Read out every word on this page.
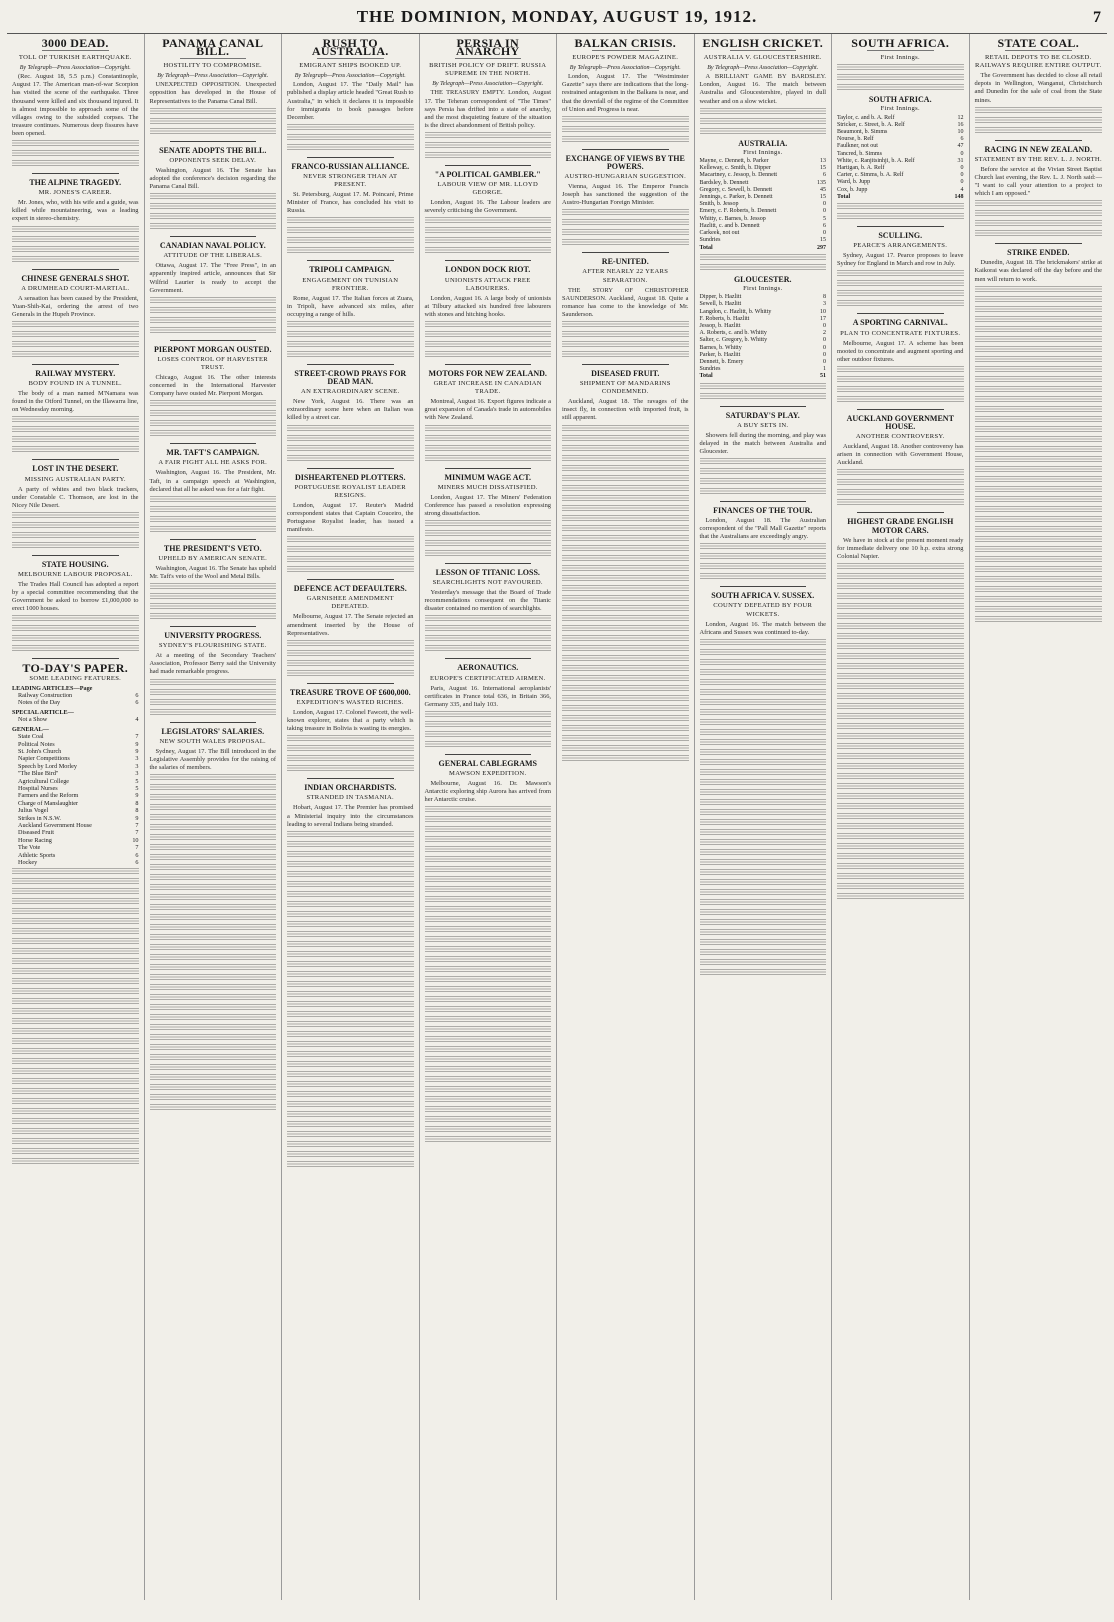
THE DOMINION, MONDAY, AUGUST 19, 1912.	7
3000 DEAD.
TOLL OF TURKISH EARTHQUAKE.
By Telegraph—Press Association—Copyright.
(Rec. August 18, 5.5 p.m.) Constantinople, August 17. The American man-of-war Scorpion has visited the scene of the earthquake. Three thousand were killed and six thousand injured. It is almost impossible to approach some of the villages owing to the subsided corpses. The treasure continues. Numerous deep fissures have been opened.
THE ALPINE TRAGEDY.
MR. JONES'S CAREER.
Mr. Jones, who, with his wife and a guide, was killed while mountaineering, was a leading expert in stereo-chemistry.
CHINESE GENERALS SHOT.
A DRUMHEAD COURT-MARTIAL.
A sensation has been caused by the President, Yuan-Shih-Kai, ordering the arrest of two Generals in the Hupeh Province.
RAILWAY MYSTERY.
BODY FOUND IN A TUNNEL.
The body of a man named M'Namara was found in the Otford Tunnel, on the Illawarra line, on Wednesday morning.
LOST IN THE DESERT.
MISSING AUSTRALIAN PARTY.
A party of whites and two black trackers, under Constable C. Thomson, are lost in the Nicey Nile Desert.
STATE HOUSING.
MELBOURNE LABOUR PROPOSAL.
The Trades Hall Council has adopted a report by a special committee recommending that the Government be asked to borrow £1,000,000 to erect 1000 houses.
TO-DAY'S PAPER.
SOME LEADING FEATURES.
LEADING ARTICLES—Page
Railway Construction	6
Notes of the Day	6
SPECIAL ARTICLE—
Not a Show	4
GENERAL—
State Coal	7
Political Notes	9
St. John's Church	9
Napier Competitions	3
Speech by Lord Morley	3
"The Blue Bird"	3
Agricultural College	5
Hospital Nurses	5
Farmers and the Reform	9
Charge of Manslaughter	8
Julius Vogel	8
Strikes in N.S.W.	9
Auckland Government House	7
Diseased Fruit	7
Horse Racing	10
The Vote	7
Athletic Sports	6
Hockey	6
PANAMA CANAL BILL.
HOSTILITY TO COMPROMISE.
By Telegraph—Press Association—Copyright.
UNEXPECTED OPPOSITION. Unexpected opposition has developed in the House of Representatives to the Panama Canal Bill.
SENATE ADOPTS THE BILL.
OPPONENTS SEEK DELAY.
Washington, August 16. The Senate has adopted the conference's decision regarding the Panama Canal Bill.
CANADIAN NAVAL POLICY.
ATTITUDE OF THE LIBERALS.
Ottawa, August 17. The "Free Press", in an apparently inspired article, announces that Sir Wilfrid Laurier is ready to accept the Government.
PIERPONT MORGAN OUSTED.
LOSES CONTROL OF HARVESTER TRUST.
Chicago, August 16. The other interests concerned in the International Harvester Company have ousted Mr. Pierpont Morgan.
MR. TAFT'S CAMPAIGN.
A FAIR FIGHT ALL HE ASKS FOR.
Washington, August 16. The President, Mr. Taft, in a campaign speech at Washington, declared that all he asked was for a fair fight.
THE PRESIDENT'S VETO.
UPHELD BY AMERICAN SENATE.
Washington, August 16. The Senate has upheld Mr. Taft's veto of the Wool and Metal Bills.
UNIVERSITY PROGRESS.
SYDNEY'S FLOURISHING STATE.
At a meeting of the Secondary Teachers' Association, Professor Berry said the University had made remarkable progress.
LEGISLATORS' SALARIES.
NEW SOUTH WALES PROPOSAL.
Sydney, August 17. The Bill introduced in the Legislative Assembly provides for the raising of the salaries of members.
RUSH TO AUSTRALIA.
EMIGRANT SHIPS BOOKED UP.
By Telegraph—Press Association—Copyright.
London, August 17. The "Daily Mail" has published a display article headed "Great Rush to Australia," in which it declares it is impossible for immigrants to book passages before December.
FRANCO-RUSSIAN ALLIANCE.
NEVER STRONGER THAN AT PRESENT.
St. Petersburg, August 17. M. Poincaré, Prime Minister of France, has concluded his visit to Russia.
TRIPOLI CAMPAIGN.
ENGAGEMENT ON TUNISIAN FRONTIER.
Rome, August 17. The Italian forces at Zuara, in Tripoli, have advanced six miles, after occupying a range of hills.
STREET-CROWD PRAYS FOR DEAD MAN.
AN EXTRAORDINARY SCENE.
New York, August 16. There was an extraordinary scene here when an Italian was killed by a street car.
DISHEARTENED PLOTTERS.
PORTUGUESE ROYALIST LEADER RESIGNS.
London, August 17. Reuter's Madrid correspondent states that Captain Couceiro, the Portuguese Royalist leader, has issued a manifesto.
DEFENCE ACT DEFAULTERS.
GARNISHEE AMENDMENT DEFEATED.
Melbourne, August 17. The Senate rejected an amendment inserted by the House of Representatives.
TREASURE TROVE OF £600,000.
EXPEDITION'S WASTED RICHES.
London, August 17. Colonel Fawcett, the well-known explorer, states that a party which is taking treasure in Bolivia is wasting its energies.
INDIAN ORCHARDISTS.
STRANDED IN TASMANIA.
Hobart, August 17. The Premier has promised a Ministerial inquiry into the circumstances leading to several Indians being stranded.
PERSIA IN ANARCHY
BRITISH POLICY OF DRIFT. RUSSIA SUPREME IN THE NORTH.
By Telegraph—Press Association—Copyright.
THE TREASURY EMPTY. London, August 17. The Teheran correspondent of "The Times" says Persia has drifted into a state of anarchy, and the most disquieting feature of the situation is the direct abandonment of British policy.
"A POLITICAL GAMBLER."
LABOUR VIEW OF MR. LLOYD GEORGE.
London, August 16. The Labour leaders are severely criticising the Government.
LONDON DOCK RIOT.
UNIONISTS ATTACK FREE LABOURERS.
London, August 16. A large body of unionists at Tilbury attacked six hundred free labourers with stones and hitching hooks.
MOTORS FOR NEW ZEALAND.
GREAT INCREASE IN CANADIAN TRADE.
Montreal, August 16. Export figures indicate a great expansion of Canada's trade in automobiles with New Zealand.
MINIMUM WAGE ACT.
MINERS MUCH DISSATISFIED.
London, August 17. The Miners' Federation Conference has passed a resolution expressing strong dissatisfaction.
LESSON OF TITANIC LOSS.
SEARCHLIGHTS NOT FAVOURED.
Yesterday's message that the Board of Trade recommendations consequent on the Titanic disaster contained no mention of searchlights.
AERONAUTICS.
EUROPE'S CERTIFICATED AIRMEN.
Paris, August 16. International aeroplanists' certificates in France total 636, in Britain 366, Germany 335, and Italy 103.
GENERAL CABLEGRAMS
MAWSON EXPEDITION.
Melbourne, August 16. Dr. Mawson's Antarctic exploring ship Aurora has arrived from her Antarctic cruise.
BALKAN CRISIS.
EUROPE'S POWDER MAGAZINE.
By Telegraph—Press Association—Copyright.
London, August 17. The "Westminster Gazette" says there are indications that the long-restrained antagonism in the Balkans is near, and that the downfall of the regime of the Committee of Union and Progress is near.
EXCHANGE OF VIEWS BY THE POWERS.
AUSTRO-HUNGARIAN SUGGESTION.
Vienna, August 16. The Emperor Francis Joseph has sanctioned the suggestion of the Austro-Hungarian Foreign Minister.
RE-UNITED.
AFTER NEARLY 22 YEARS SEPARATION.
THE STORY OF CHRISTOPHER SAUNDERSON. Auckland, August 18. Quite a romance has come to the knowledge of Mr. Saunderson.
DISEASED FRUIT.
SHIPMENT OF MANDARINS CONDEMNED.
Auckland, August 18. The ravages of the insect fly, in connection with imported fruit, is still apparent.
ENGLISH CRICKET.
AUSTRALIA V. GLOUCESTERSHIRE.
By Telegraph—Press Association—Copyright.
A BRILLIANT GAME BY BARDSLEY. London, August 16. The match between Australia and Gloucestershire, played in dull weather and on a slow wicket.
AUSTRALIA.
First Innings.
Mayne, c. Dennett, b. Parker	13
Kelleway, c. Smith, b. Dipper	15
Macartney, c. Jessop, b. Dennett	6
Bardsley, b. Dennett	135
Gregory, c. Sewell, b. Dennett	45
Jennings, c. Parker, b. Dennett	15
Smith, b. Jessop	0
Emery, c. F. Roberts, b. Dennett	0
Whitty, c. Barnes, b. Jessop	5
Hazlitt, c. and b. Dennett	6
Carkeek, not out	0
Sundries	15
Total	297
GLOUCESTER.
First Innings.
Dipper, b. Hazlitt	8
Sewell, b. Hazlitt	3
Langdon, c. Hazlitt, b. Whitty	10
F. Roberts, b. Hazlitt	17
Jessop, b. Hazlitt	0
A. Roberts, c. and b. Whitty	2
Salter, c. Gregory, b. Whitty	0
Barnes, b. Whitty	0
Parker, b. Hazlitt	0
Dennett, b. Emery	0
Sundries	1
Total	51
SATURDAY'S PLAY.
A BUY SETS IN.
Showers fell during the morning, and play was delayed in the match between Australia and Gloucester.
FINANCES OF THE TOUR.
London, August 18. The Australian correspondent of the "Pall Mall Gazette" reports that the Australians are exceedingly angry.
SOUTH AFRICA V. SUSSEX.
COUNTY DEFEATED BY FOUR WICKETS.
London, August 16. The match between the Africans and Sussex was continued to-day.
SOUTH AFRICA.
First Innings.
SOUTH AFRICA.
First Innings.
Taylor, c. and b. A. Relf	12
Stricker, c. Street, b. A. Relf	16
Beaumont, b. Simms	10
Nourse, b. Relf	6
Faulkner, not out	47
Tancred, b. Simms	0
White, c. Ranjitsinhji, b. A. Relf	31
Hartigan, b. A. Relf	0
Carter, c. Simms, b. A. Relf	0
Ward, b. Jupp	0
Cox, b. Jupp	4
Total	148
SCULLING.
PEARCE'S ARRANGEMENTS.
Sydney, August 17. Pearce proposes to leave Sydney for England in March and row in July.
A SPORTING CARNIVAL.
PLAN TO CONCENTRATE FIXTURES.
Melbourne, August 17. A scheme has been mooted to concentrate and augment sporting and other outdoor fixtures.
AUCKLAND GOVERNMENT HOUSE.
ANOTHER CONTROVERSY.
Auckland, August 18. Another controversy has arisen in connection with Government House, Auckland.
HIGHEST GRADE ENGLISH MOTOR CARS.
We have in stock at the present moment ready for immediate delivery one 10 h.p. extra strong Colonial Napier.
STATE COAL.
RETAIL DEPOTS TO BE CLOSED. RAILWAYS REQUIRE ENTIRE OUTPUT.
The Government has decided to close all retail depots in Wellington, Wanganui, Christchurch and Dunedin for the sale of coal from the State mines.
RACING IN NEW ZEALAND.
STATEMENT BY THE REV. L. J. NORTH.
Before the service at the Vivian Street Baptist Church last evening, the Rev. L. J. North said:— "I want to call your attention to a project to which I am opposed."
STRIKE ENDED.
Dunedin, August 18. The brickmakers' strike at Kaikorai was declared off the day before and the men will return to work.
